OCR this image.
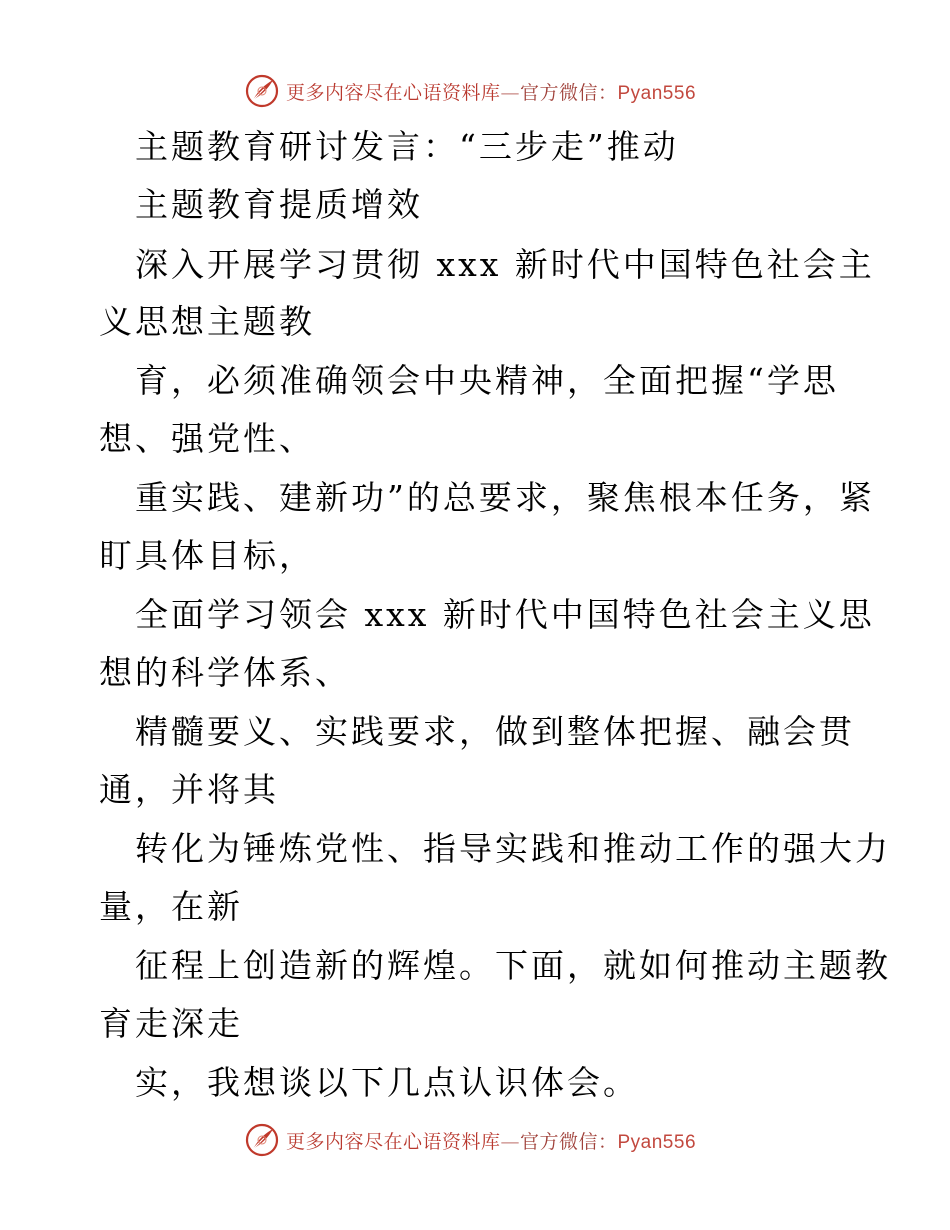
更多内容尽在心语资料库—官方微信：Pyan556
主题教育研讨发言：“三步走”推动
主题教育提质增效
深入开展学习贯彻 xxx 新时代中国特色社会主
义思想主题教
育，必须准确领会中央精神，全面把握“学思
想、强党性、
重实践、建新功”的总要求，聚焦根本任务，紧
盯具体目标，
全面学习领会 xxx 新时代中国特色社会主义思
想的科学体系、
精髓要义、实践要求，做到整体把握、融会贯
通，并将其
转化为锤炼党性、指导实践和推动工作的强大力
量，在新
征程上创造新的辉煌。下面，就如何推动主题教
育走深走
实，我想谈以下几点认识体会。
更多内容尽在心语资料库—官方微信：Pyan556
